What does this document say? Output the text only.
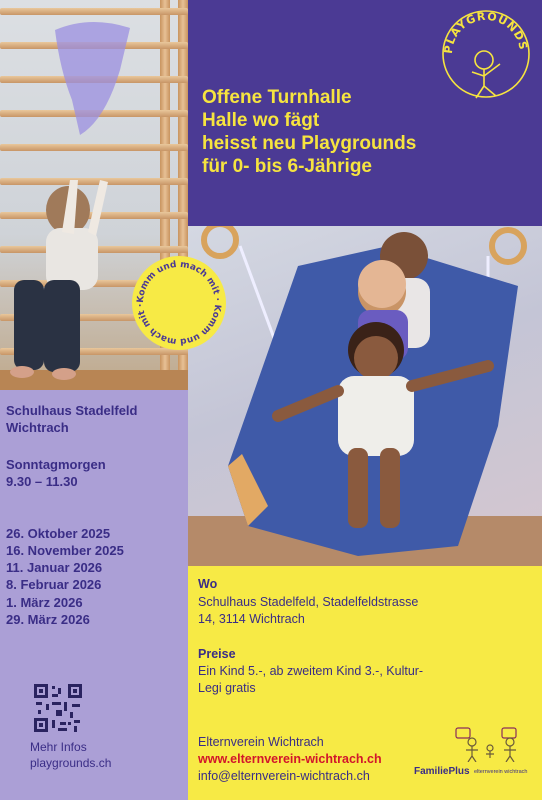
PLAYGROUNDS
Offene Turnhalle
Halle wo fägt
heisst neu Playgrounds
für 0- bis 6-Jährige
Komm und mach mit · Komm und mach mit ·
Schulhaus Stadelfeld
Wichtrach
Sonntagmorgen
9.30 – 11.30
26. Oktober 2025
16. November 2025
11. Januar 2026
8. Februar 2026
1. März 2026
29. März 2026
Mehr Infos
playgrounds.ch
Wo
Schulhaus Stadelfeld, Stadelfeldstrasse
14, 3114 Wichtrach
Preise
Ein Kind 5.-, ab zweitem Kind 3.-, Kultur-
Legi gratis
Elternverein Wichtrach
www.elternverein-wichtrach.ch
info@elternverein-wichtrach.ch	FamiliePlus elternverein wichtrach
